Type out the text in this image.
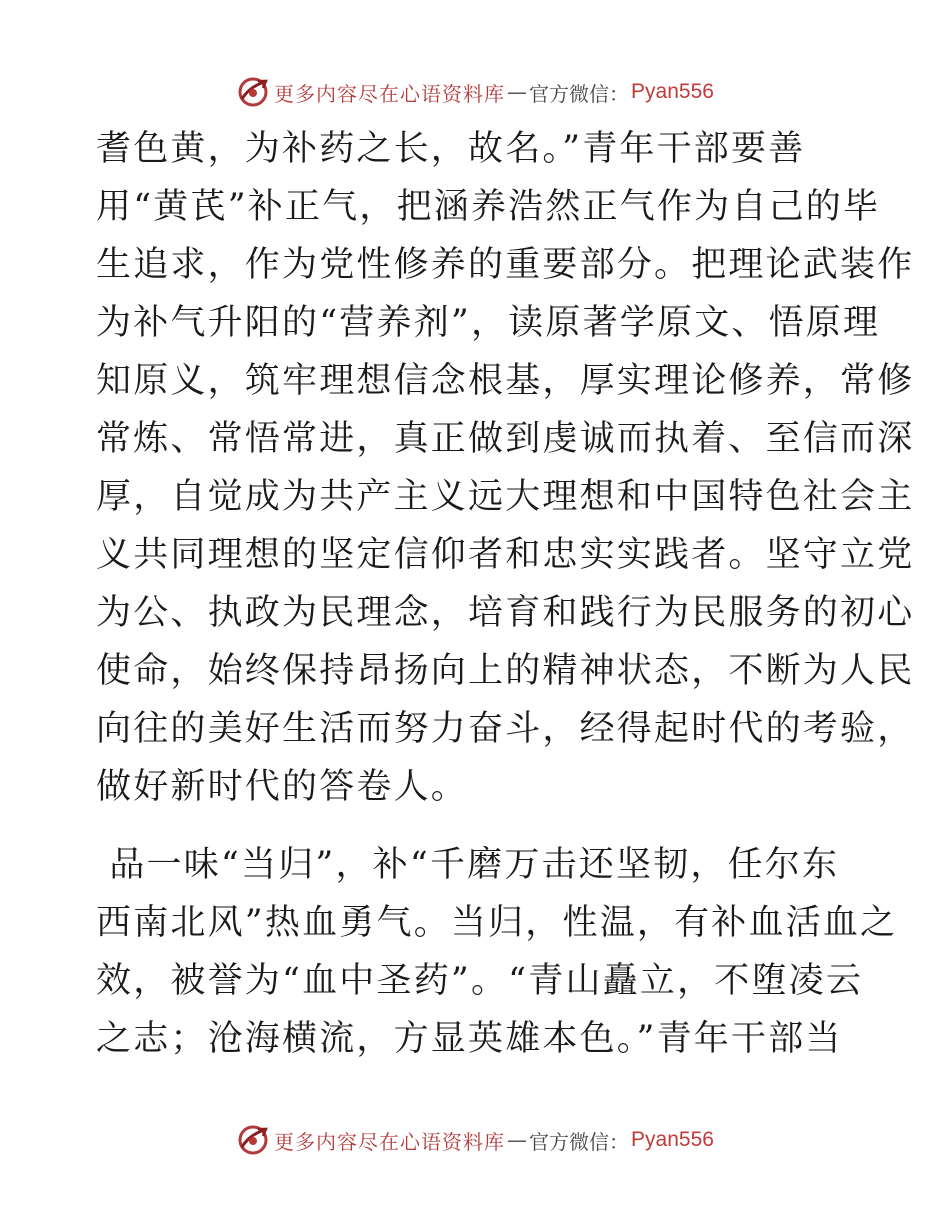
更多内容尽在心语资料库 — 官方微信： Pyan556
耆色黄，为补药之长，故名。”青年干部要善
用“黄芪”补正气，把涵养浩然正气作为自己的毕
生追求，作为党性修养的重要部分。把理论武装作
为补气升阳的“营养剂”，读原著学原文、悟原理
知原义，筑牢理想信念根基，厚实理论修养，常修
常炼、常悟常进，真正做到虔诚而执着、至信而深
厚，自觉成为共产主义远大理想和中国特色社会主
义共同理想的坚定信仰者和忠实实践者。坚守立党
为公、执政为民理念，培育和践行为民服务的初心
使命，始终保持昂扬向上的精神状态，不断为人民
向往的美好生活而努力奋斗，经得起时代的考验，
做好新时代的答卷人。
品一味“当归”，补“千磨万击还坚韧，任尔东
西南北风”热血勇气。当归，性温，有补血活血之
效，被誉为“血中圣药”。“青山矗立，不堕凌云
之志；沧海横流，方显英雄本色。”青年干部当
更多内容尽在心语资料库 — 官方微信： Pyan556
